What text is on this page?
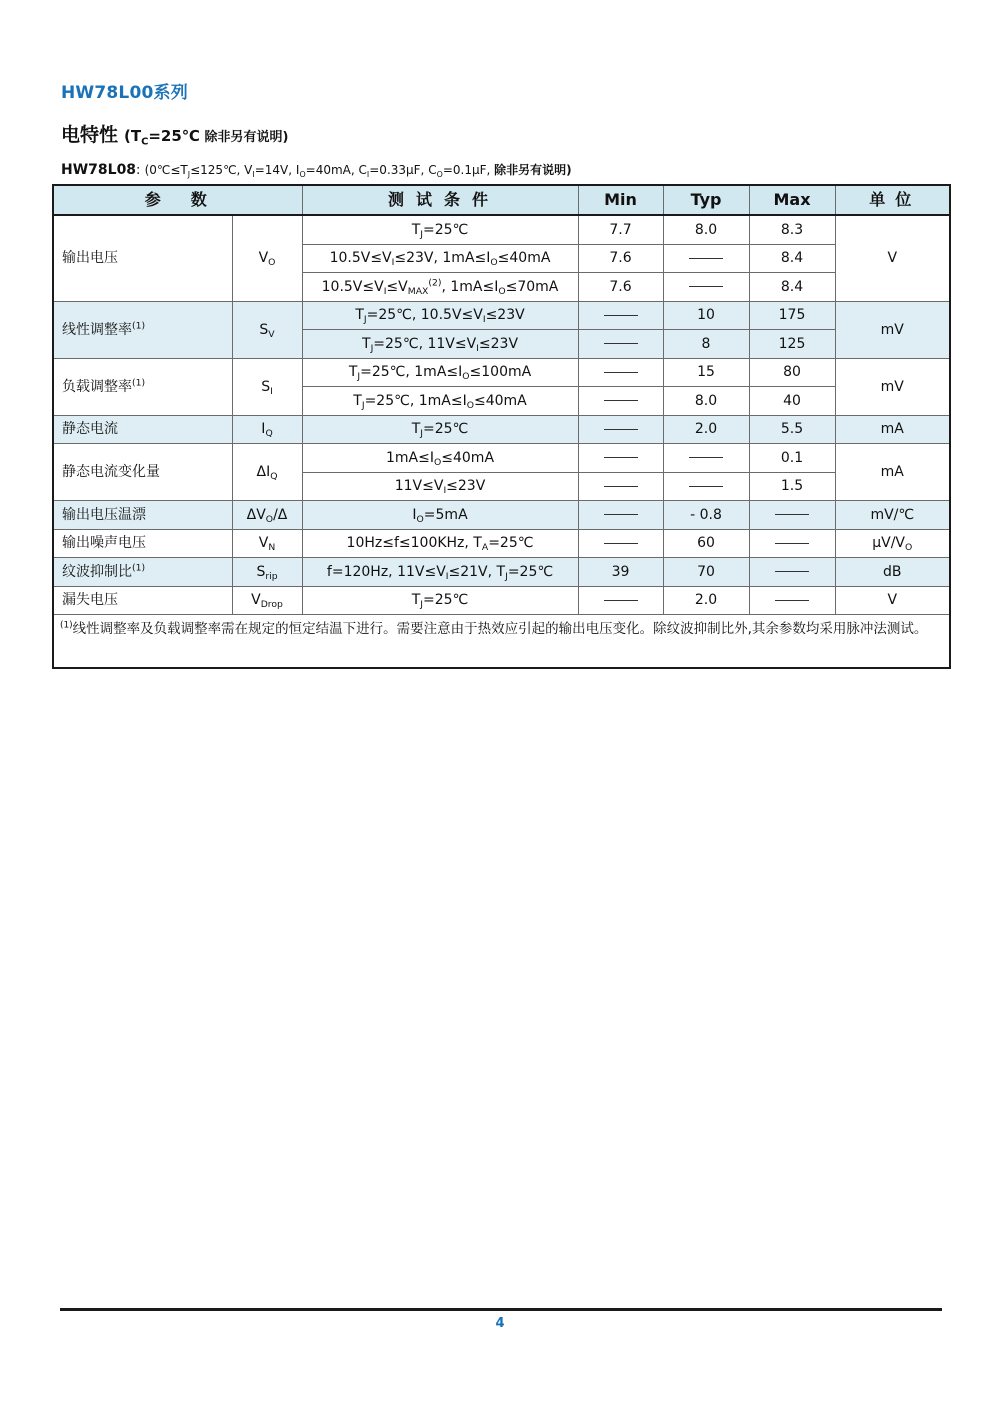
HW78L00系列
电特性 ($T_C=25℃$ 除非另有说明)
HW78L08: ($0℃\le T_J\le 125℃$, $V_I=14V$, $I_O=40mA$, $C_I=0.33\mu F$, $C_O=0.1\mu F$, 除非另有说明)
参数		测试条件	Min	Typ	Max	单位
输出电压	$V_O$	$T_J=25℃$	7.7	8.0	8.3	V
		$10.5V\le V_I\le 23V$, $1mA\le I_O\le 40mA$	7.6		8.4	
		$10.5V\le V_I\le V_{MAX}^{(2)}$, $1mA\le I_O\le 70mA$	7.6		8.4	
线性调整率$^{(1)}$	$S_V$	$T_J=25℃$, $10.5V\le V_I\le 23V$		10	175	mV
		$T_J=25℃$, $11V\le V_I\le 23V$		8	125	
负载调整率$^{(1)}$	$S_I$	$T_J=25℃$, $1mA\le I_O\le 100mA$		15	80	mV
		$T_J=25℃$, $1mA\le I_O\le 40mA$		8.0	40	
静态电流	$I_Q$	$T_J=25℃$		2.0	5.5	mA
静态电流变化量	$\Delta I_Q$	$1mA\le I_O\le 40mA$			0.1	mA
		$11V\le V_I\le 23V$			1.5	
输出电压温漂	$\Delta V_O/\Delta$	$I_O=5mA$		- 0.8		mV/℃
输出噪声电压	$V_N$	10Hz≤f≤100KHz, $T_A=25℃$		60		$\mu V/V_O$
纹波抑制比$^{(1)}$	$S_{rip}$	f=120Hz, $11V\le V_I\le 21V$, $T_J=25℃$	39	70		dB
漏失电压	$V_{Drop}$	$T_J=25℃$		2.0		V
$^{(1)}$线性调整率及负载调整率需在规定的恒定结温下进行。需要注意由于热效应引起的输出电压变化。除纹波抑制比外,其余参数均采用脉冲法测试。						
4
